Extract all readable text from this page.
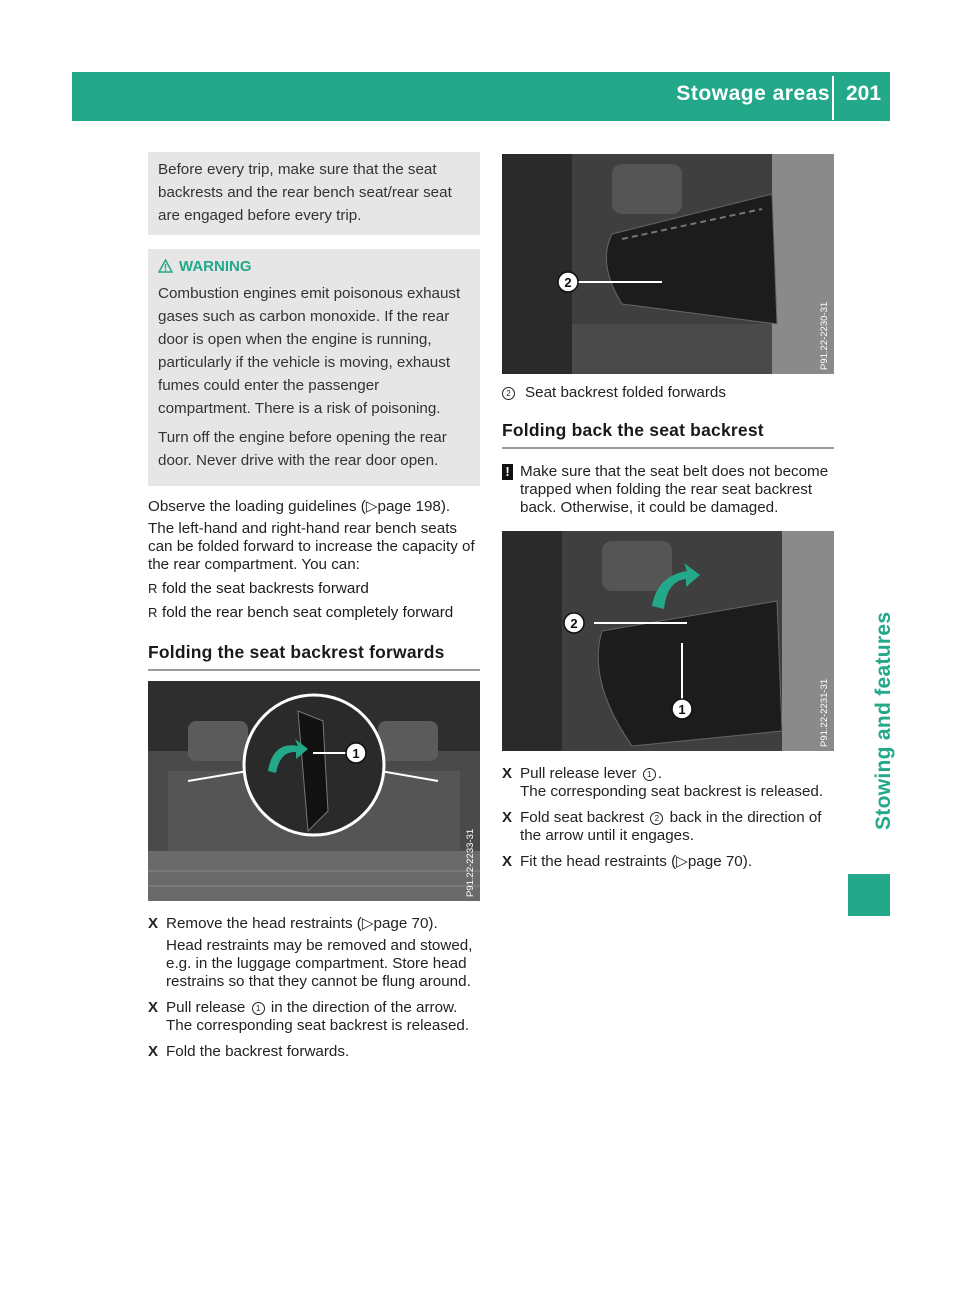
Stowage areas 201
Stowing and features
Before every trip, make sure that the seat backrests and the rear bench seat/rear seat are engaged before every trip.
WARNING

Combustion engines emit poisonous exhaust gases such as carbon monoxide. If the rear door is open when the engine is running, particularly if the vehicle is moving, exhaust fumes could enter the passenger compartment. There is a risk of poisoning.

Turn off the engine before opening the rear door. Never drive with the rear door open.

Observe the loading guidelines (▷page 198).

The left-hand and right-hand rear bench seats can be folded forward to increase the capacity of the rear compartment. You can:

R fold the seat backrests forward
R fold the rear bench seat completely forward
Folding the seat backrest forwards
1
P91.22-2233-31
X Remove the head restraints (▷page 70).
Head restraints may be removed and stowed, e.g. in the luggage compartment. Store head restrains so that they cannot be flung around.
X Pull release 1 in the direction of the arrow.
The corresponding seat backrest is released.
X Fold the backrest forwards.
2
P91.22-2230-31
2 Seat backrest folded forwards
Folding back the seat backrest
! Make sure that the seat belt does not become trapped when folding the rear seat backrest back. Otherwise, it could be damaged.
2
1	P91.22-2231-31
X Pull release lever 1 .
The corresponding seat backrest is released.
X Fold seat backrest 2 back in the direction of the arrow until it engages.
X Fit the head restraints (▷page 70).
